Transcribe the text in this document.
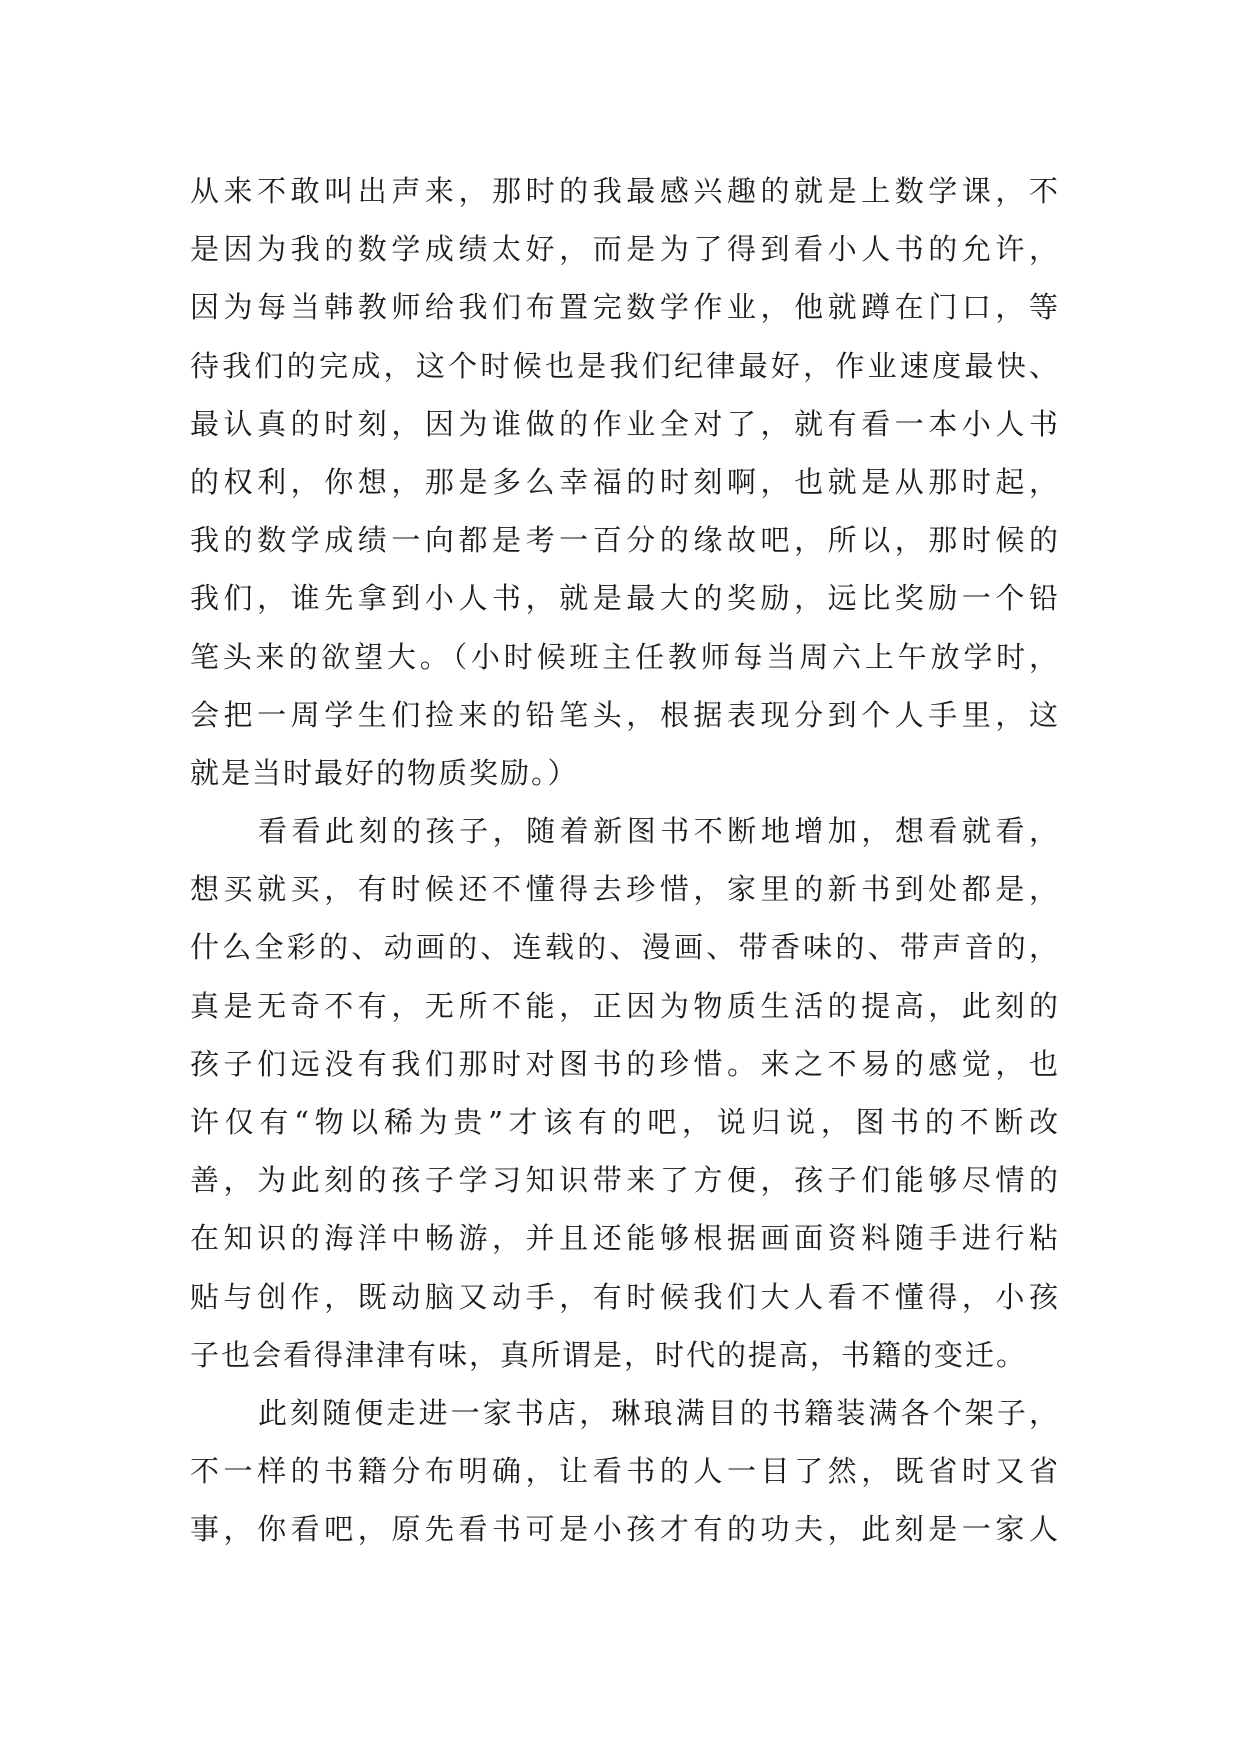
从来不敢叫出声来，那时的我最感兴趣的就是上数学课，不
是因为我的数学成绩太好，而是为了得到看小人书的允许，
因为每当韩教师给我们布置完数学作业，他就蹲在门口，等
待我们的完成，这个时候也是我们纪律最好，作业速度最快、
最认真的时刻，因为谁做的作业全对了，就有看一本小人书
的权利，你想，那是多么幸福的时刻啊，也就是从那时起，
我的数学成绩一向都是考一百分的缘故吧，所以，那时候的
我们，谁先拿到小人书，就是最大的奖励，远比奖励一个铅
笔头来的欲望大。（小时候班主任教师每当周六上午放学时，
会把一周学生们捡来的铅笔头，根据表现分到个人手里，这
就是当时最好的物质奖励。）
看看此刻的孩子，随着新图书不断地增加，想看就看，
想买就买，有时候还不懂得去珍惜，家里的新书到处都是，
什么全彩的、动画的、连载的、漫画、带香味的、带声音的，
真是无奇不有，无所不能，正因为物质生活的提高，此刻的
孩子们远没有我们那时对图书的珍惜。来之不易的感觉，也
许仅有“物以稀为贵”才该有的吧，说归说，图书的不断改
善，为此刻的孩子学习知识带来了方便，孩子们能够尽情的
在知识的海洋中畅游，并且还能够根据画面资料随手进行粘
贴与创作，既动脑又动手，有时候我们大人看不懂得，小孩
子也会看得津津有味，真所谓是，时代的提高，书籍的变迁。
此刻随便走进一家书店，琳琅满目的书籍装满各个架子，
不一样的书籍分布明确，让看书的人一目了然，既省时又省
事，你看吧，原先看书可是小孩才有的功夫，此刻是一家人
